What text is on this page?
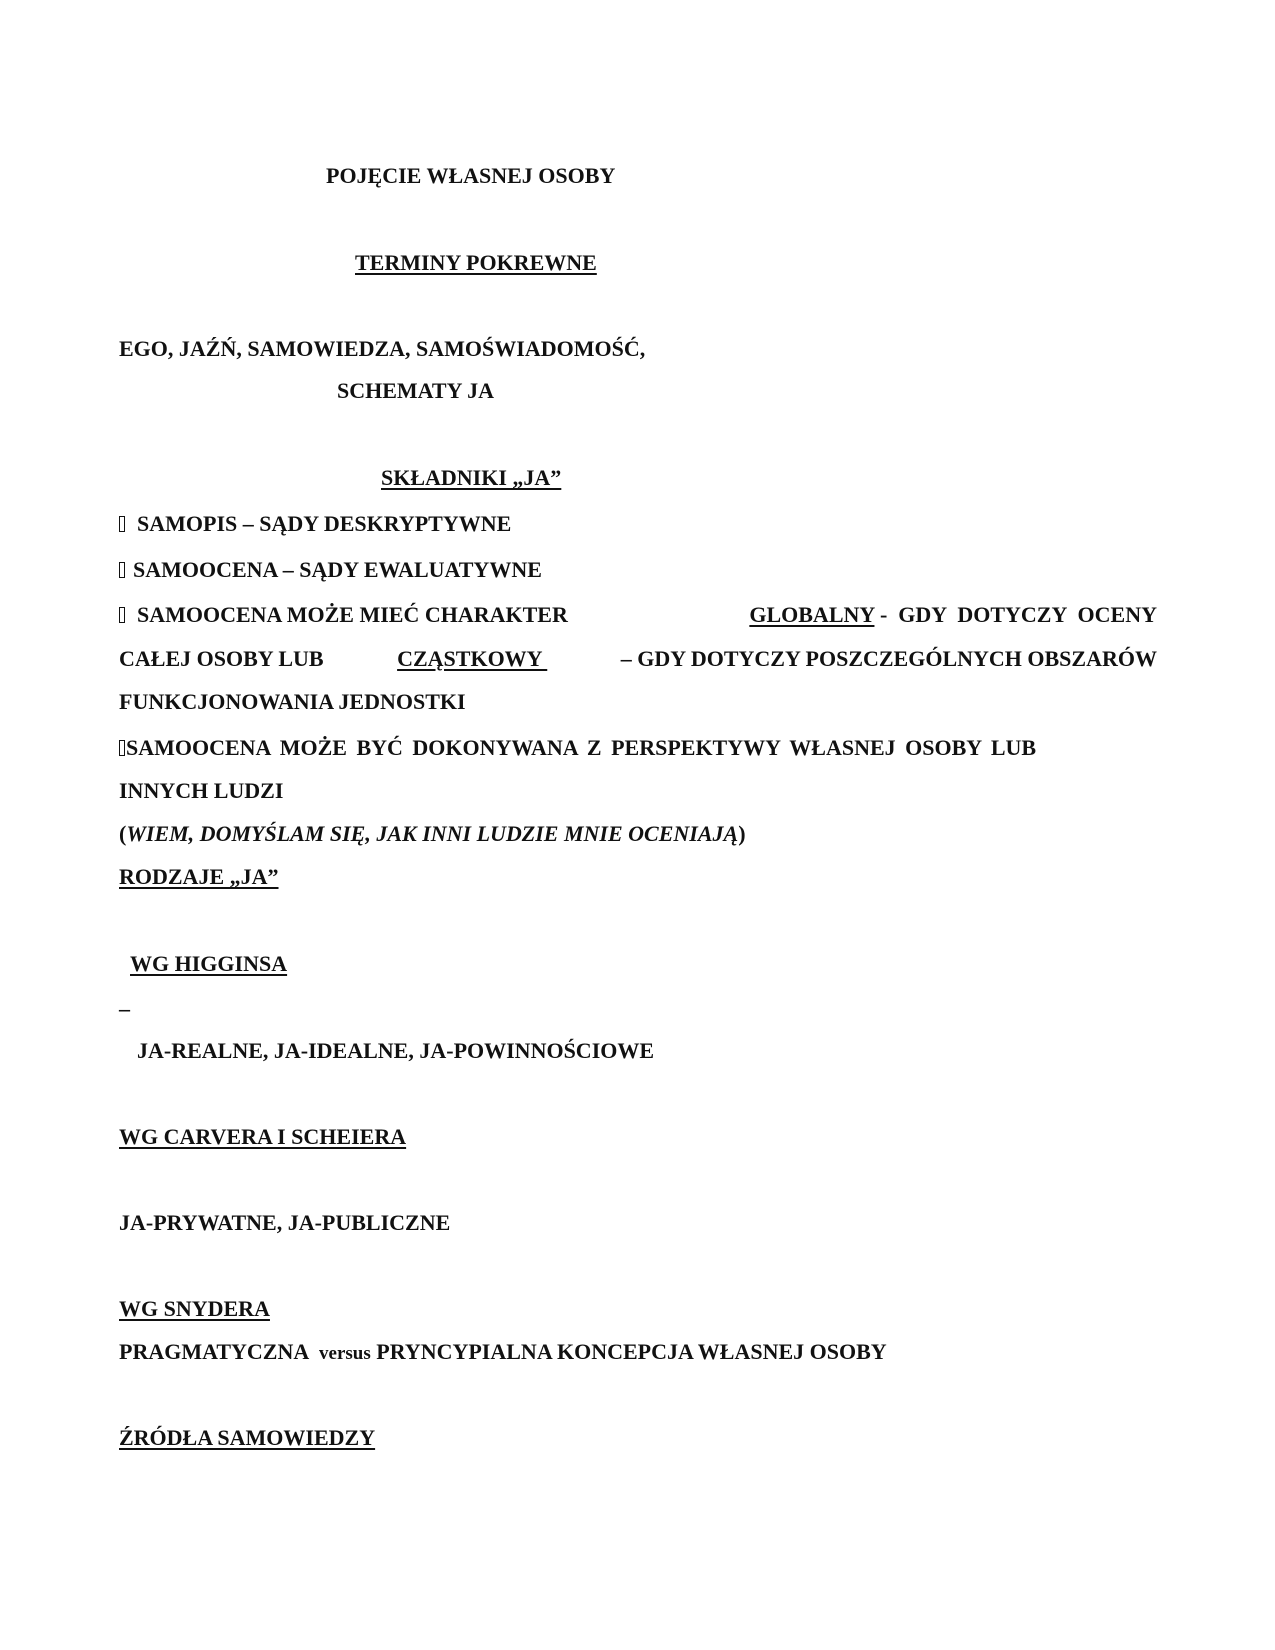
POJĘCIE WŁASNEJ OSOBY
TERMINY POKREWNE
EGO, JAŹŃ, SAMOWIEDZA, SAMOŚWIADOMOŚĆ,
SCHEMATY JA
SKŁADNIKI „JA”
SAMOPIS – SĄDY DESKRYPTYWNE
SAMOOCENA – SĄDY EWALUATYWNE
SAMOOCENA MOŻE MIEĆ CHARAKTER	GLOBALNY -  GDY  DOTYCZY  OCENY
CAŁEJ OSOBY LUB	CZĄSTKOWY	– GDY DOTYCZY POSZCZEGÓLNYCH OBSZARÓW
FUNKCJONOWANIA JEDNOSTKI
SAMOOCENA MOŻE BYĆ DOKONYWANA Z PERSPEKTYWY WŁASNEJ OSOBY LUB
INNYCH LUDZI
(WIEM, DOMYŚLAM SIĘ, JAK INNI LUDZIE MNIE OCENIAJĄ)
RODZAJE „JA”
WG HIGGINSA
–
JA-REALNE, JA-IDEALNE, JA-POWINNOŚCIOWE
WG CARVERA I SCHEIERA
JA-PRYWATNE, JA-PUBLICZNE
WG SNYDERA
PRAGMATYCZNA  versus PRYNCYPIALNA KONCEPCJA WŁASNEJ OSOBY
ŹRÓDŁA SAMOWIEDZY
